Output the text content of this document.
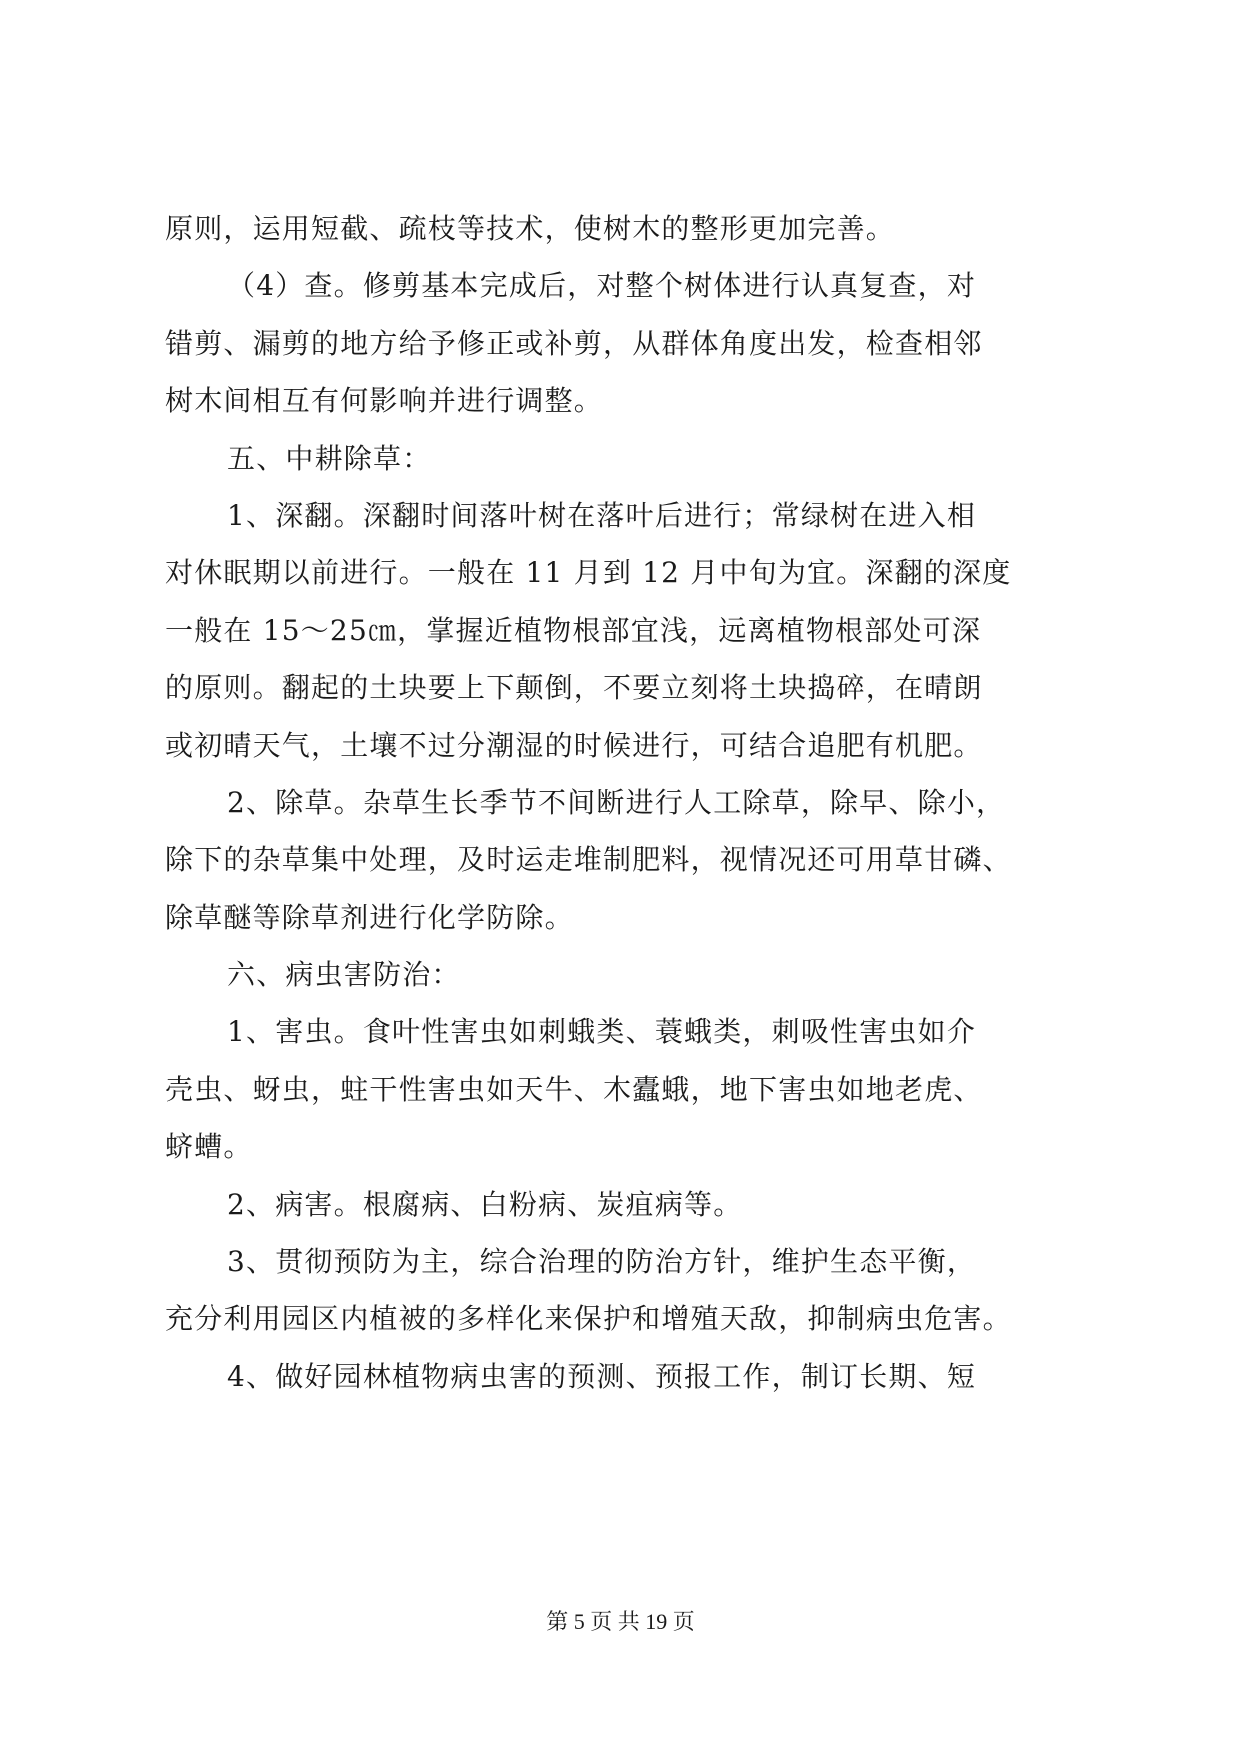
原则，运用短截、疏枝等技术，使树木的整形更加完善。
（4）查。修剪基本完成后，对整个树体进行认真复查，对
错剪、漏剪的地方给予修正或补剪，从群体角度出发，检查相邻
树木间相互有何影响并进行调整。
五、中耕除草：
1、深翻。深翻时间落叶树在落叶后进行；常绿树在进入相
对休眠期以前进行。一般在 11 月到 12 月中旬为宜。深翻的深度
一般在 15～25㎝，掌握近植物根部宜浅，远离植物根部处可深
的原则。翻起的土块要上下颠倒，不要立刻将土块捣碎，在晴朗
或初晴天气，土壤不过分潮湿的时候进行，可结合追肥有机肥。
2、除草。杂草生长季节不间断进行人工除草，除早、除小，
除下的杂草集中处理，及时运走堆制肥料，视情况还可用草甘磷、
除草醚等除草剂进行化学防除。
六、病虫害防治：
1、害虫。食叶性害虫如刺蛾类、蓑蛾类，刺吸性害虫如介
壳虫、蚜虫，蛀干性害虫如天牛、木蠹蛾，地下害虫如地老虎、
蛴螬。
2、病害。根腐病、白粉病、炭疽病等。
3、贯彻预防为主，综合治理的防治方针，维护生态平衡，
充分利用园区内植被的多样化来保护和增殖天敌，抑制病虫危害。
4、做好园林植物病虫害的预测、预报工作，制订长期、短
第 5 页 共 19 页
